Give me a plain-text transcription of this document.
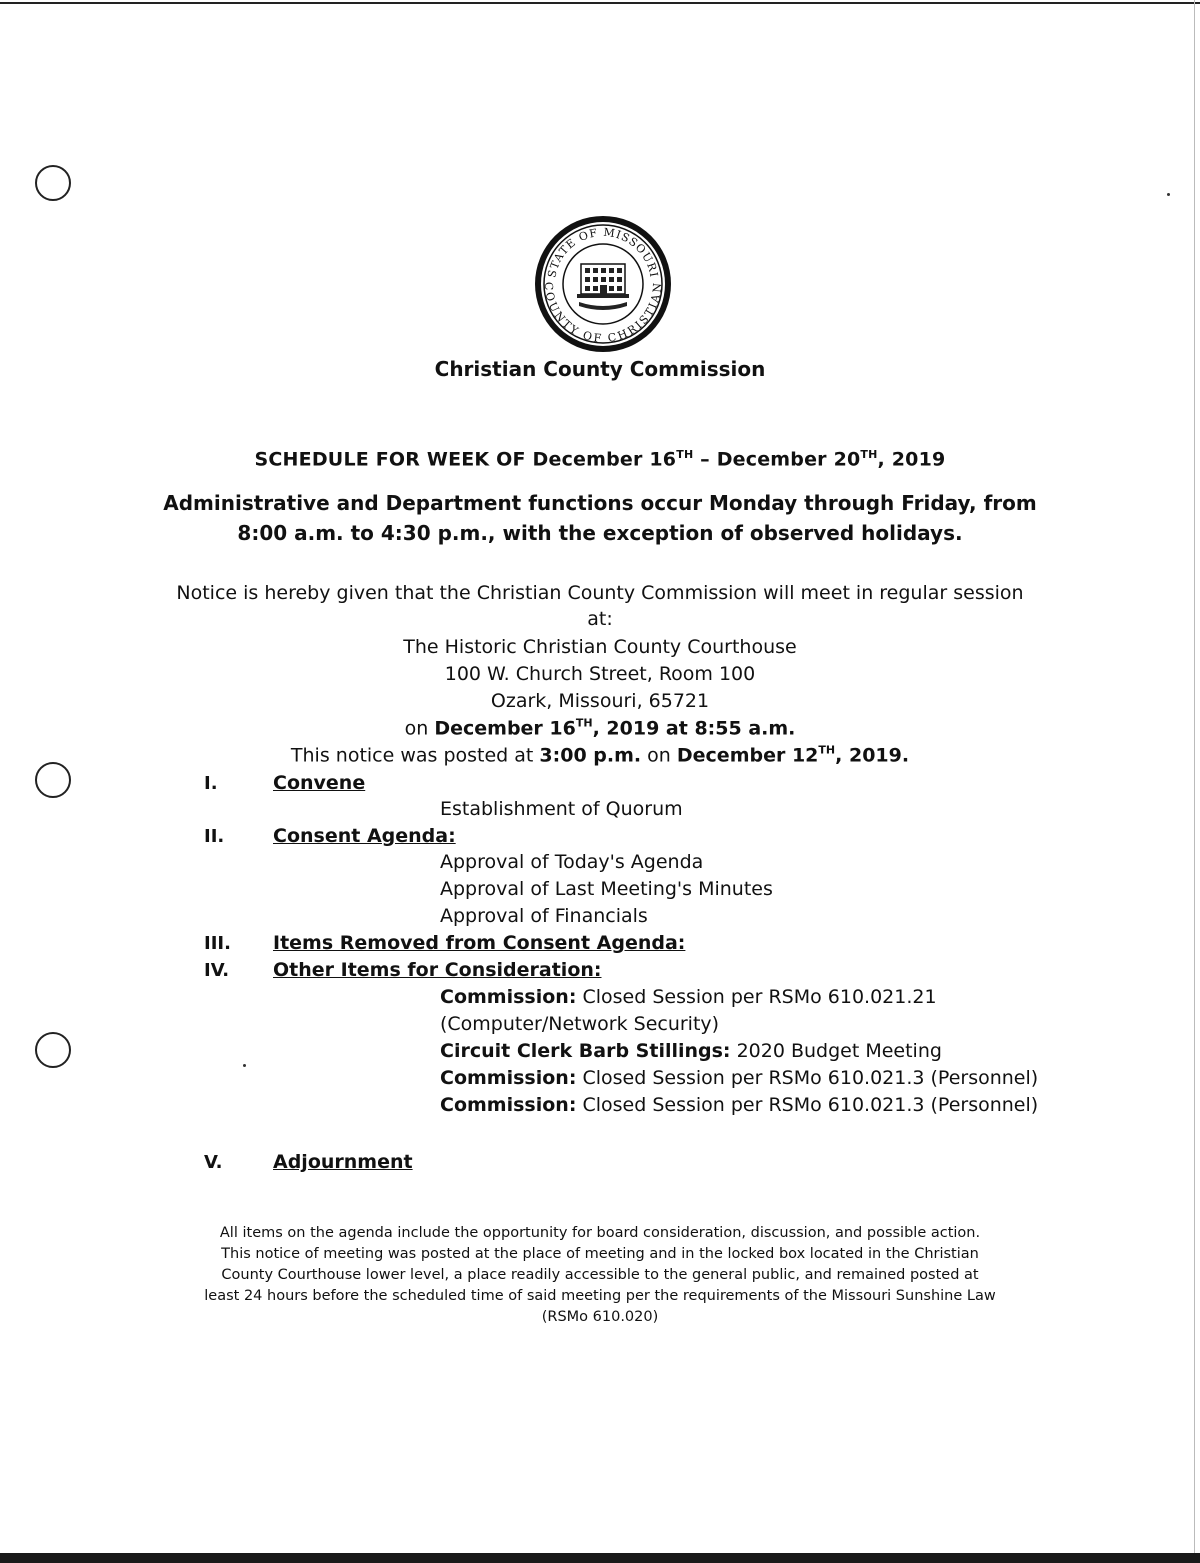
STATE OF MISSOURI
COUNTY OF CHRISTIAN
Christian County Commission
SCHEDULE FOR WEEK OF December 16TH – December 20TH, 2019
Administrative and Department functions occur Monday through Friday, from
8:00 a.m. to 4:30 p.m., with the exception of observed holidays.
Notice is hereby given that the Christian County Commission will meet in regular session
at:
The Historic Christian County Courthouse
100 W. Church Street, Room 100
Ozark, Missouri, 65721
on December 16TH, 2019 at 8:55 a.m.
This notice was posted at 3:00 p.m. on December 12TH, 2019.
I.	Convene
Establishment of Quorum
II.	Consent Agenda:
Approval of Today's Agenda
Approval of Last Meeting's Minutes
Approval of Financials
III. Items Removed from Consent Agenda:
IV. Other Items for Consideration:
Commission: Closed Session per RSMo 610.021.21
(Computer/Network Security)
Circuit Clerk Barb Stillings: 2020 Budget Meeting
Commission: Closed Session per RSMo 610.021.3 (Personnel)
Commission: Closed Session per RSMo 610.021.3 (Personnel)
V.	Adjournment
All items on the agenda include the opportunity for board consideration, discussion, and possible action.
This notice of meeting was posted at the place of meeting and in the locked box located in the Christian
County Courthouse lower level, a place readily accessible to the general public, and remained posted at
least 24 hours before the scheduled time of said meeting per the requirements of the Missouri Sunshine Law
(RSMo 610.020)
